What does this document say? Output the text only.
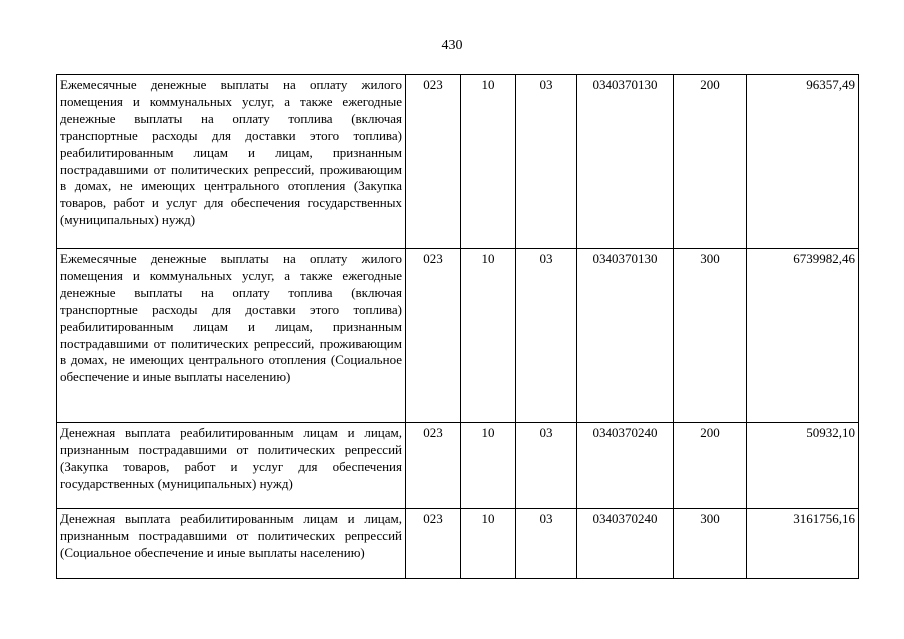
430
Ежемесячные денежные выплаты на оплату жилого помещения и коммунальных услуг, а также ежегодные денежные выплаты на оплату топлива (включая транспортные расходы для доставки этого топлива) реабилитированным лицам и лицам, признанным пострадавшими от политических репрессий, проживающим в домах, не имеющих центрального отопления (Закупка товаров, работ и услуг для обеспечения государственных (муниципальных) нужд)	023	10	03	0340370130	200	96357,49
Ежемесячные денежные выплаты на оплату жилого помещения и коммунальных услуг, а также ежегодные денежные выплаты на оплату топлива (включая транспортные расходы для доставки этого топлива) реабилитированным лицам и лицам, признанным пострадавшими от политических репрессий, проживающим в домах, не имеющих центрального отопления (Социальное обеспечение и иные выплаты населению)	023	10	03	0340370130	300	6739982,46
Денежная выплата реабилитированным лицам и лицам, признанным пострадавшими от политических репрессий (Закупка товаров, работ и услуг для обеспечения государственных (муниципальных) нужд)	023	10	03	0340370240	200	50932,10
Денежная выплата реабилитированным лицам и лицам, признанным пострадавшими от политических репрессий (Социальное обеспечение и иные выплаты населению)	023	10	03	0340370240	300	3161756,16
